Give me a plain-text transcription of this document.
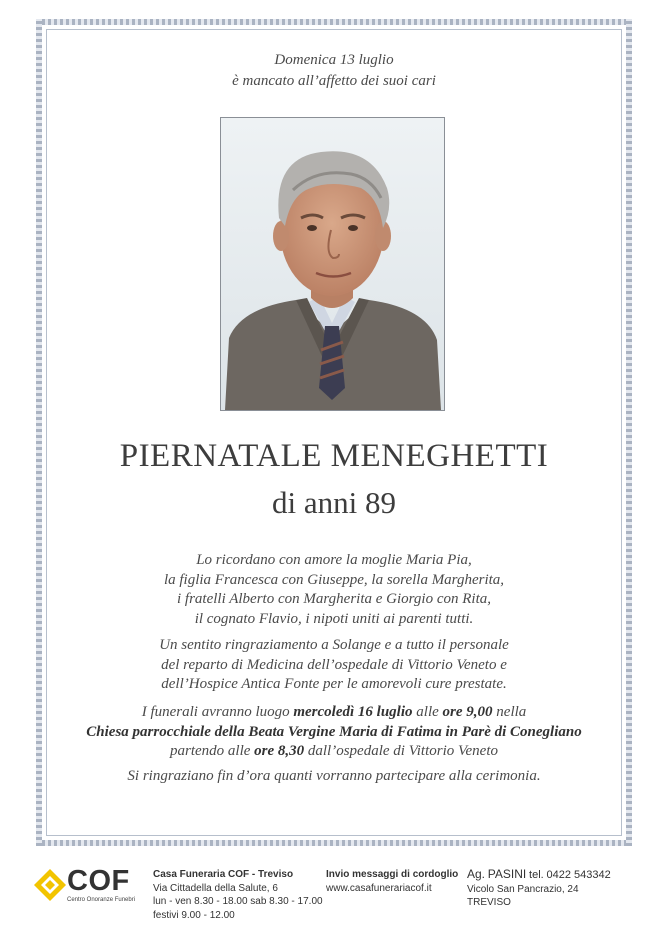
Domenica 13 luglio
è mancato all’affetto dei suoi cari
PIERNATALE MENEGHETTI
di anni 89
Lo ricordano con amore la moglie Maria Pia,
la figlia Francesca con Giuseppe, la sorella Margherita,
i fratelli Alberto con Margherita e Giorgio con Rita,
il cognato Flavio, i nipoti uniti ai parenti tutti.
Un sentito ringraziamento a Solange e a tutto il personale
del reparto di Medicina dell’ospedale di Vittorio Veneto e
dell’Hospice Antica Fonte per le amorevoli cure prestate.
I funerali avranno luogo mercoledì 16 luglio alle ore 9,00 nella
Chiesa parrocchiale della Beata Vergine Maria di Fatima in Parè di Conegliano
partendo alle ore 8,30 dall’ospedale di Vittorio Veneto
Si ringraziano fin d’ora quanti vorranno partecipare alla cerimonia.
COF
Centro Onoranze Funebri
Casa Funeraria COF - Treviso
Via Cittadella della Salute, 6
lun - ven 8.30 - 18.00 sab 8.30 - 17.00
festivi 9.00 - 12.00
Invio messaggi di cordoglio
www.casafunerariacof.it
Ag. PASINI tel. 0422 543342
Vicolo San Pancrazio, 24
TREVISO
